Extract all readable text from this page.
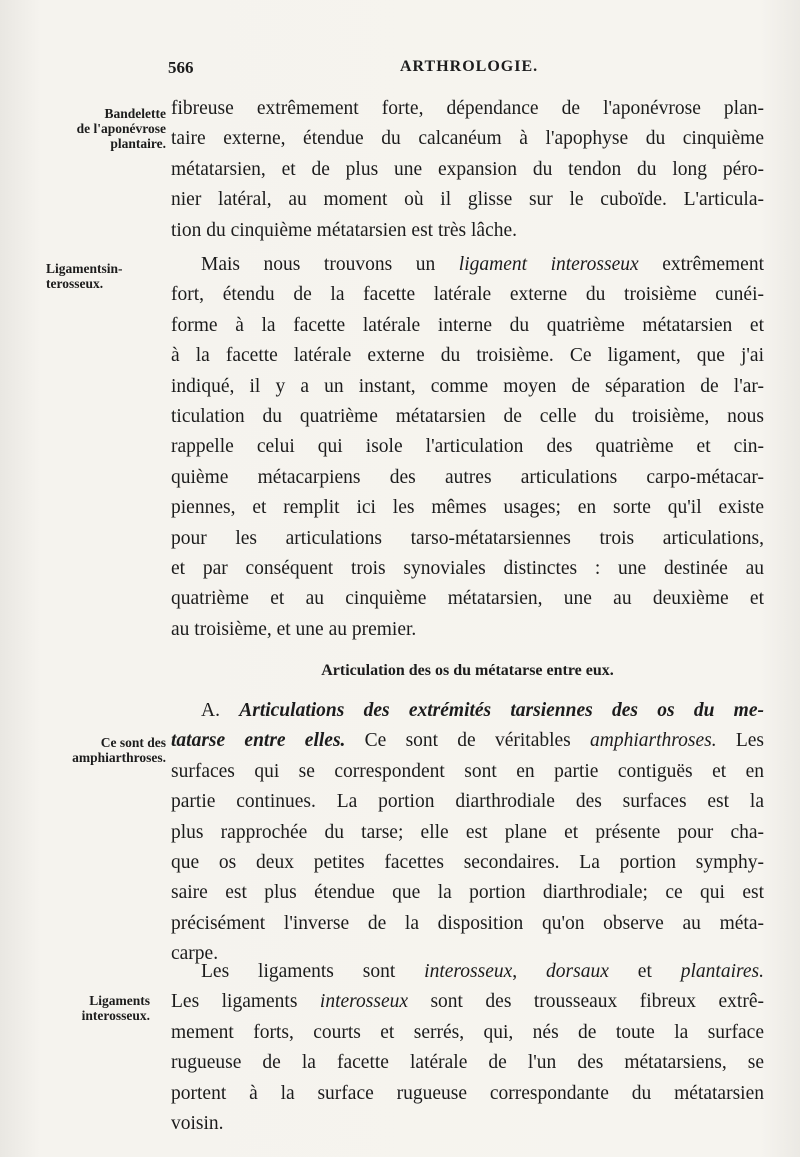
566	ARTHROLOGIE.
Bandelette
de l'aponévrose
plantaire.
Ligamentsin-
terosseux.
Ce sont des
amphiarthroses.
Ligaments
interosseux.
fibreuse extrêmement forte, dépendance de l'aponévrose plan-
taire externe, étendue du calcanéum à l'apophyse du cinquième
métatarsien, et de plus une expansion du tendon du long péro-
nier latéral, au moment où il glisse sur le cuboïde. L'articula-
tion du cinquième métatarsien est très lâche.
Mais nous trouvons un ligament interosseux extrêmement
fort, étendu de la facette latérale externe du troisième cunéi-
forme à la facette latérale interne du quatrième métatarsien et
à la facette latérale externe du troisième. Ce ligament, que j'ai
indiqué, il y a un instant, comme moyen de séparation de l'ar-
ticulation du quatrième métatarsien de celle du troisième, nous
rappelle celui qui isole l'articulation des quatrième et cin-
quième métacarpiens des autres articulations carpo-métacar-
piennes, et remplit ici les mêmes usages; en sorte qu'il existe
pour les articulations tarso-métatarsiennes trois articulations,
et par conséquent trois synoviales distinctes : une destinée au
quatrième et au cinquième métatarsien, une au deuxième et
au troisième, et une au premier.
Articulation des os du métatarse entre eux.
A. Articulations des extrémités tarsiennes des os du me-
tatarse entre elles. Ce sont de véritables amphiarthroses. Les
surfaces qui se correspondent sont en partie contiguës et en
partie continues. La portion diarthrodiale des surfaces est la
plus rapprochée du tarse; elle est plane et présente pour cha-
que os deux petites facettes secondaires. La portion symphy-
saire est plus étendue que la portion diarthrodiale; ce qui est
précisément l'inverse de la disposition qu'on observe au méta-
carpe.
Les ligaments sont interosseux, dorsaux et plantaires.
Les ligaments interosseux sont des trousseaux fibreux extrê-
mement forts, courts et serrés, qui, nés de toute la surface
rugueuse de la facette latérale de l'un des métatarsiens, se
portent à la surface rugueuse correspondante du métatarsien
voisin.
